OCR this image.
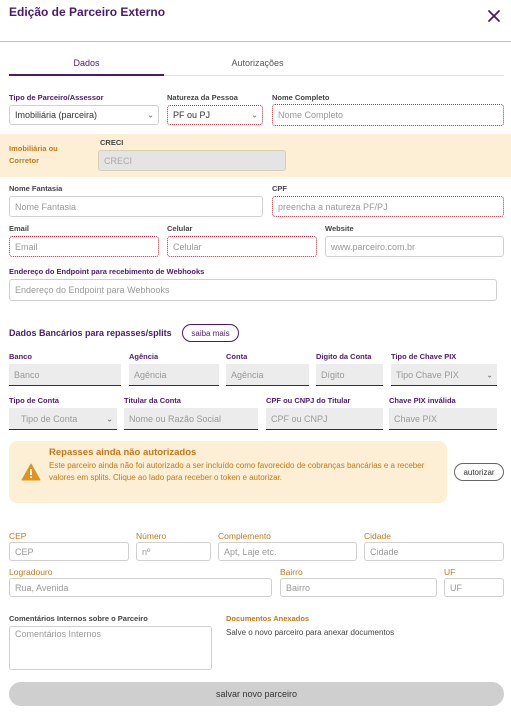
Edição de Parceiro Externo
Dados	Autorizações
Tipo de Parceiro/Assessor
Imobiliária (parceira)	⌄
Natureza da Pessoa
PF ou PJ	⌄
Nome Completo
Nome Completo
Imobiliária ou Corretor
CRECI
CRECI
Nome Fantasia
Nome Fantasia
CPF
preencha a natureza PF/PJ
Email
Email
Celular
Celular
Website
www.parceiro.com.br
Endereço do Endpoint para recebimento de Webhooks
Endereço do Endpoint para Webhooks
Dados Bancários para repasses/splits	saiba mais
Banco
Banco
Agência
Agência
Conta
Agência
Digito da Conta
Dígito
Tipo de Chave PIX
Tipo Chave PIX	⌄
Tipo de Conta
Tipo de Conta	⌄
Titular da Conta
Nome ou Razão Social
CPF ou CNPJ do Titular
CPF ou CNPJ
Chave PIX inválida
Chave PIX
Repasses ainda não autorizados
Este parceiro ainda não foi autorizado a ser incluído como favorecido de cobranças bancárias e a receber valores em splits. Clique ao lado para receber o token e autorizar.
autorizar
CEP
CEP
Número
nº
Complemento
Apt, Laje etc.
Cidade
Cidade
Logradouro
Rua, Avenida
Bairro
Bairro
UF
UF
Comentários Internos sobre o Parceiro
Comentários Internos
Documentos Anexados
Salve o novo parceiro para anexar documentos
salvar novo parceiro
